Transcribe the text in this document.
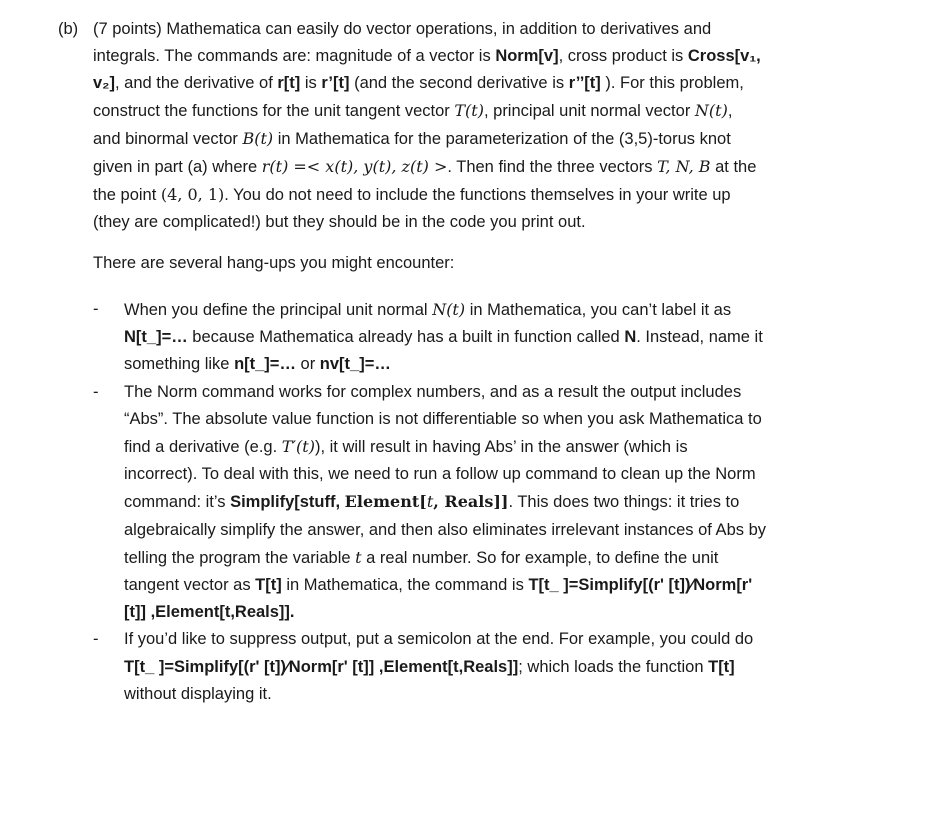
(b) (7 points) Mathematica can easily do vector operations, in addition to derivatives and
integrals. The commands are: magnitude of a vector is Norm[v], cross product is Cross[v₁,
v₂], and the derivative of r[t] is r’[t] (and the second derivative is r’’[t] ). For this problem,
construct the functions for the unit tangent vector T(t), principal unit normal vector N(t),
and binormal vector B(t) in Mathematica for the parameterization of the (3,5)-torus knot
given in part (a) where r(t) =< x(t), y(t), z(t) >. Then find the three vectors T, N, B at the
the point (4, 0, 1). You do not need to include the functions themselves in your write up
(they are complicated!) but they should be in the code you print out.

There are several hang-ups you might encounter:

- When you define the principal unit normal N(t) in Mathematica, you can’t label it as
N[t_]=… because Mathematica already has a built in function called N. Instead, name it
something like n[t_]=… or nv[t_]=…
- The Norm command works for complex numbers, and as a result the output includes
“Abs”. The absolute value function is not differentiable so when you ask Mathematica to
find a derivative (e.g. T′(t)), it will result in having Abs’ in the answer (which is
incorrect). To deal with this, we need to run a follow up command to clean up the Norm
command: it’s Simplify[stuff, Element[t, Reals]]. This does two things: it tries to
algebraically simplify the answer, and then also eliminates irrelevant instances of Abs by
telling the program the variable t a real number. So for example, to define the unit
tangent vector as T[t] in Mathematica, the command is T[t_ ]=Simplify[(r' [t])⁄Norm[r'
[t]] ,Element[t,Reals]].
- If you’d like to suppress output, put a semicolon at the end. For example, you could do
T[t_ ]=Simplify[(r' [t])⁄Norm[r' [t]] ,Element[t,Reals]]; which loads the function T[t]
without displaying it.
